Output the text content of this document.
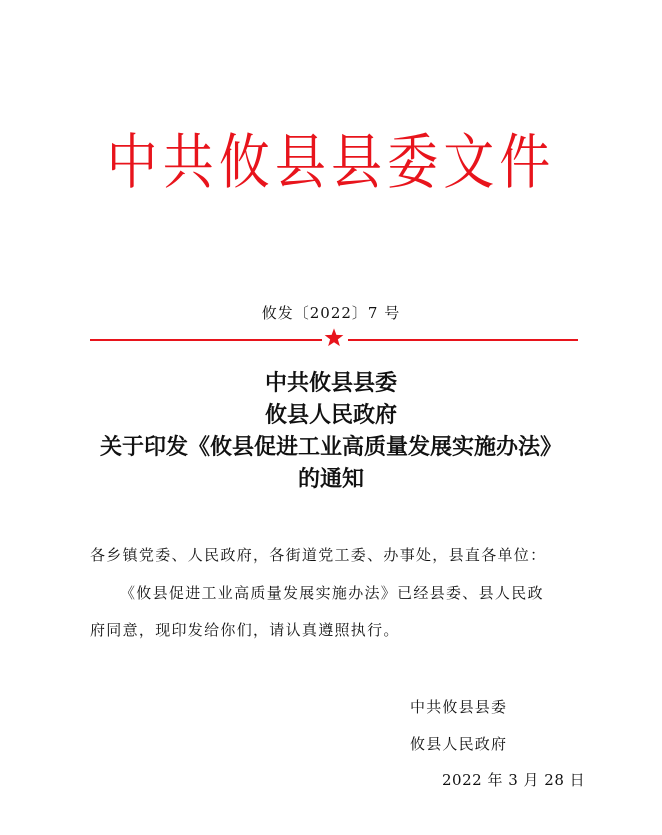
中共攸县县委文件
攸发〔2022〕7 号
中共攸县县委
攸县人民政府
关于印发《攸县促进工业高质量发展实施办法》
的通知
各乡镇党委、人民政府，各街道党工委、办事处，县直各单位：
《攸县促进工业高质量发展实施办法》已经县委、县人民政
府同意，现印发给你们，请认真遵照执行。
中共攸县县委
攸县人民政府
2022 年 3 月 28 日
